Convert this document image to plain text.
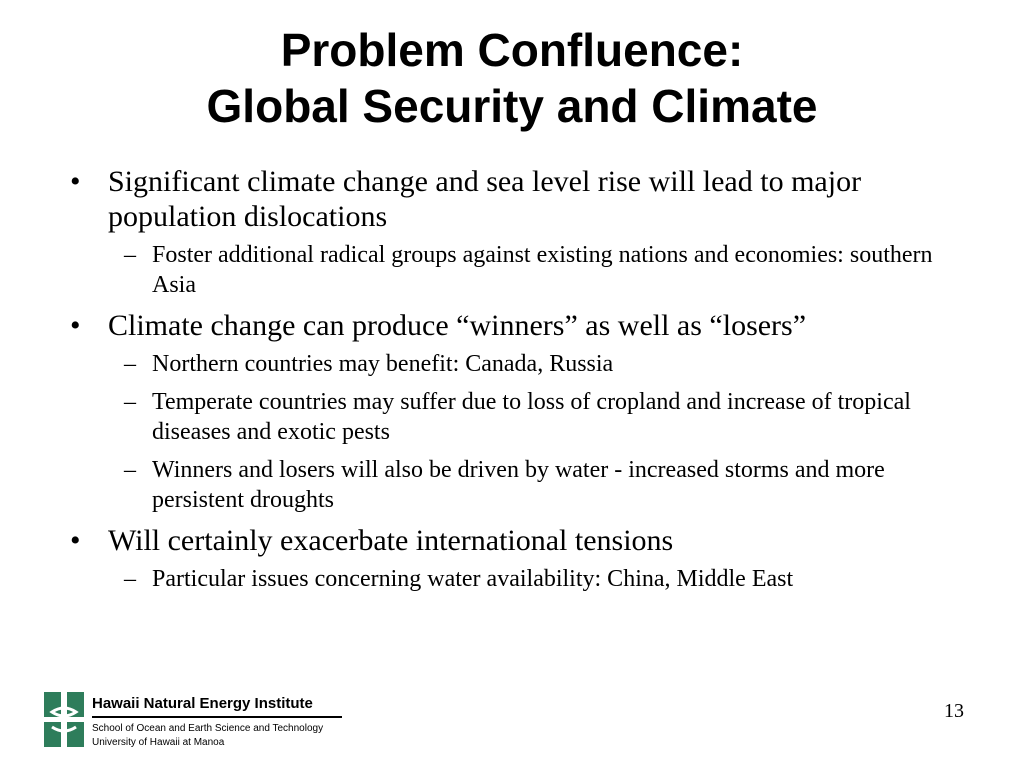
Problem Confluence:
Global Security and Climate
• Significant climate change and sea level rise will lead to major population dislocations
– Foster additional radical groups against existing nations and economies: southern Asia
• Climate change can produce “winners” as well as “losers”
– Northern countries may benefit: Canada, Russia
– Temperate countries may suffer due to loss of cropland and increase of tropical diseases and exotic pests
– Winners and losers will also be driven by water - increased storms and more persistent droughts
• Will certainly exacerbate international tensions
– Particular issues concerning water availability: China, Middle East
Hawaii Natural Energy Institute
School of Ocean and Earth Science and Technology
University of Hawaii at Manoa
13
